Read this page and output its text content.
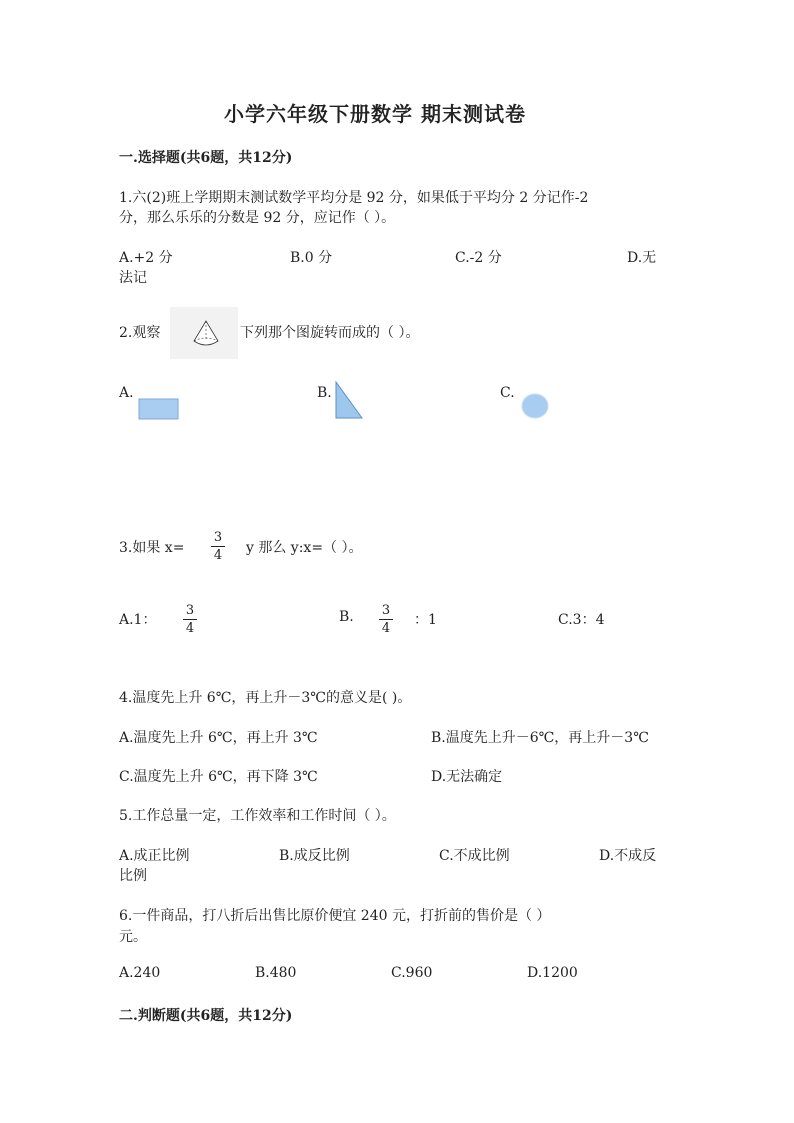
小学六年级下册数学 期末测试卷
一.选择题(共6题，共12分)
1.六(2)班上学期期末测试数学平均分是 92 分，如果低于平均分 2 分记作-2
分，那么乐乐的分数是 92 分，应记作（ ）。
A.+2 分	B.0 分	C.-2 分	D.无
法记
2.观察	下列那个图旋转而成的（ ）。
A.	B.	C.
3.如果 x=
3
4 y 那么 y:x=（ ）。
A.1：
3
4
B. 3
4
：1	C.3：4
4.温度先上升 6℃，再上升－3℃的意义是( )。
A.温度先上升 6℃，再上升 3℃	B.温度先上升－6℃，再上升－3℃
C.温度先上升 6℃，再下降 3℃	D.无法确定
5.工作总量一定，工作效率和工作时间（ ）。
A.成正比例	B.成反比例	C.不成比例	D.不成反
比例
6.一件商品，打八折后出售比原价便宜 240 元，打折前的售价是（ ）
元。
A.240	B.480	C.960	D.1200
二.判断题(共6题，共12分)
